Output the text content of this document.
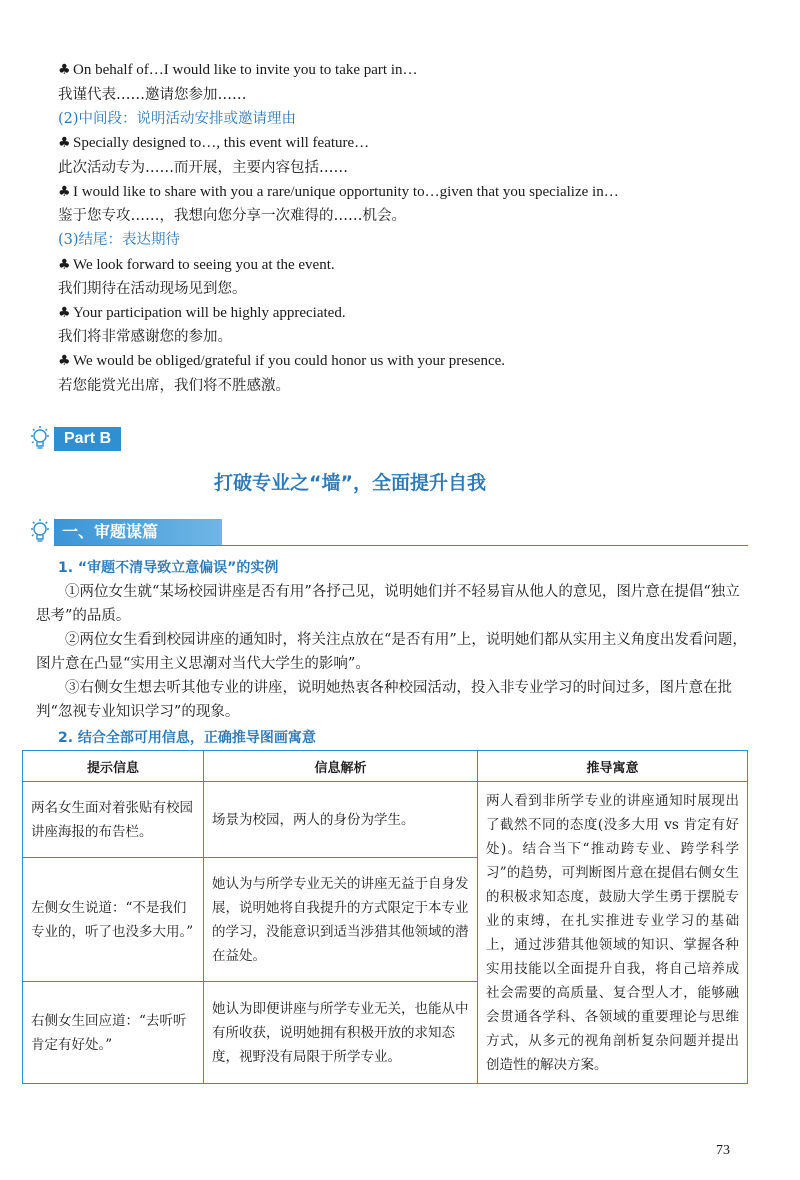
♣ On behalf of…I would like to invite you to take part in…
我谨代表……邀请您参加……
(2)中间段：说明活动安排或邀请理由
♣ Specially designed to…, this event will feature…
此次活动专为……而开展，主要内容包括……
♣ I would like to share with you a rare/unique opportunity to…given that you specialize in…
鉴于您专攻……，我想向您分享一次难得的……机会。
(3)结尾：表达期待
♣ We look forward to seeing you at the event.
我们期待在活动现场见到您。
♣ Your participation will be highly appreciated.
我们将非常感谢您的参加。
♣ We would be obliged/grateful if you could honor us with your presence.
若您能赏光出席，我们将不胜感激。
Part B
打破专业之“墙”，全面提升自我
一、审题谋篇
1. “审题不清导致立意偏误”的实例
①两位女生就“某场校园讲座是否有用”各抒己见，说明她们并不轻易盲从他人的意见，图片意在提倡“独立思考”的品质。
②两位女生看到校园讲座的通知时，将关注点放在“是否有用”上，说明她们都从实用主义角度出发看问题，图片意在凸显“实用主义思潮对当代大学生的影响”。
③右侧女生想去听其他专业的讲座，说明她热衷各种校园活动，投入非专业学习的时间过多，图片意在批判“忽视专业知识学习”的现象。
2. 结合全部可用信息，正确推导图画寓意
提示信息	信息解析	推导寓意
两名女生面对着张贴有校园讲座海报的布告栏。	场景为校园，两人的身份为学生。	两人看到非所学专业的讲座通知时展现出了截然不同的态度(没多大用 vs 肯定有好处)。结合当下“推动跨专业、跨学科学习”的趋势，可判断图片意在提倡右侧女生的积极求知态度，鼓励大学生勇于摆脱专业的束缚，在扎实推进专业学习的基础上，通过涉猎其他领域的知识、掌握各种实用技能以全面提升自我，将自己培养成社会需要的高质量、复合型人才，能够融会贯通各学科、各领域的重要理论与思维方式，从多元的视角剖析复杂问题并提出创造性的解决方案。
左侧女生说道：“不是我们专业的，听了也没多大用。”	她认为与所学专业无关的讲座无益于自身发展，说明她将自我提升的方式限定于本专业的学习，没能意识到适当涉猎其他领域的潜在益处。	
右侧女生回应道：“去听听肯定有好处。”	她认为即便讲座与所学专业无关，也能从中有所收获，说明她拥有积极开放的求知态度，视野没有局限于所学专业。	
73
